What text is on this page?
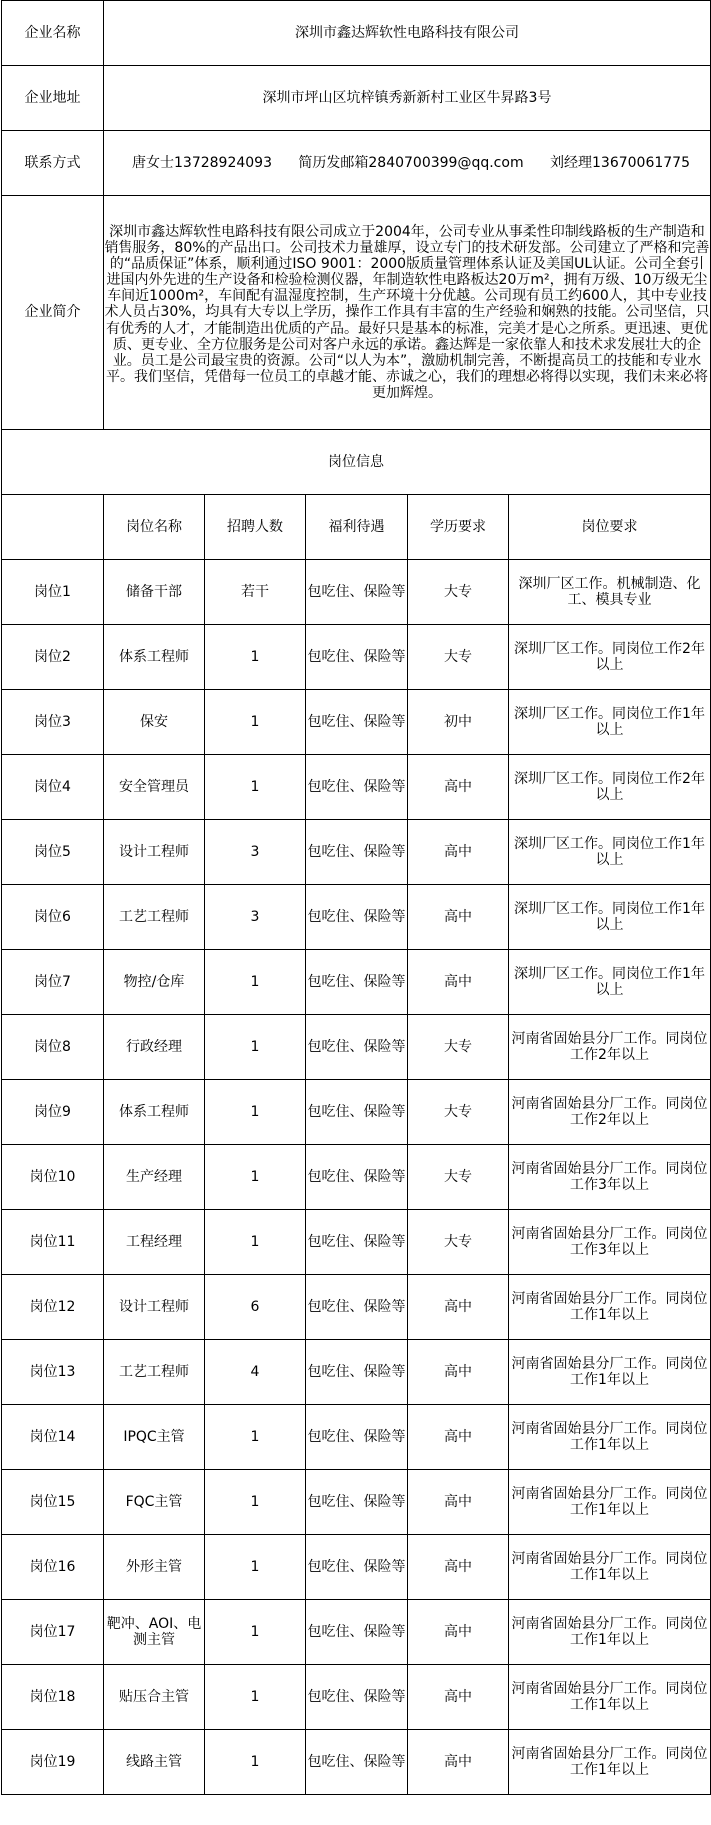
企业名称	深圳市鑫达辉软性电路科技有限公司				
企业地址	深圳市坪山区坑梓镇秀新新村工业区牛昇路3号				
联系方式	唐女士13728924093 简历发邮箱2840700399@qq.com 刘经理13670061775				

企业简介	深圳市鑫达辉软性电路科技有限公司成立于2004年，公司专业从事柔性印制线路板的生产制造和销售服务，80%的产品出口。公司技术力量雄厚，设立专门的技术研发部。公司建立了严格和完善的“品质保证”体系，顺利通过ISO 9001：2000版质量管理体系认证及美国UL认证。公司全套引进国内外先进的生产设备和检验检测仪器，年制造软性电路板达20万m²，拥有万级、10万级无尘车间近1000m²，车间配有温湿度控制，生产环境十分优越。公司现有员工约600人，其中专业技术人员占30%，均具有大专以上学历，操作工作具有丰富的生产经验和娴熟的技能。公司坚信，只有优秀的人才，才能制造出优质的产品。最好只是基本的标准，完美才是心之所系。更迅速、更优质、更专业、全方位服务是公司对客户永远的承诺。鑫达辉是一家依靠人和技术求发展壮大的企业。员工是公司最宝贵的资源。公司“以人为本”，激励机制完善，不断提高员工的技能和专业水平。我们坚信，凭借每一位员工的卓越才能、赤诚之心，我们的理想必将得以实现，我们未来必将更加辉煌。				
岗位信息					
	岗位名称	招聘人数	福利待遇	学历要求	岗位要求
岗位1	储备干部	若干	包吃住、保险等	大专	深圳厂区工作。机械制造、化工、模具专业
岗位2	体系工程师	1	包吃住、保险等	大专	深圳厂区工作。同岗位工作2年以上
岗位3	保安	1	包吃住、保险等	初中	深圳厂区工作。同岗位工作1年以上
岗位4	安全管理员	1	包吃住、保险等	高中	深圳厂区工作。同岗位工作2年以上
岗位5	设计工程师	3	包吃住、保险等	高中	深圳厂区工作。同岗位工作1年以上
岗位6	工艺工程师	3	包吃住、保险等	高中	深圳厂区工作。同岗位工作1年以上
岗位7	物控/仓库	1	包吃住、保险等	高中	深圳厂区工作。同岗位工作1年以上
岗位8	行政经理	1	包吃住、保险等	大专	河南省固始县分厂工作。同岗位工作2年以上
岗位9	体系工程师	1	包吃住、保险等	大专	河南省固始县分厂工作。同岗位工作2年以上
岗位10	生产经理	1	包吃住、保险等	大专	河南省固始县分厂工作。同岗位工作3年以上
岗位11	工程经理	1	包吃住、保险等	大专	河南省固始县分厂工作。同岗位工作3年以上
岗位12	设计工程师	6	包吃住、保险等	高中	河南省固始县分厂工作。同岗位工作1年以上
岗位13	工艺工程师	4	包吃住、保险等	高中	河南省固始县分厂工作。同岗位工作1年以上
岗位14	IPQC主管	1	包吃住、保险等	高中	河南省固始县分厂工作。同岗位工作1年以上
岗位15	FQC主管	1	包吃住、保险等	高中	河南省固始县分厂工作。同岗位工作1年以上
岗位16	外形主管	1	包吃住、保险等	高中	河南省固始县分厂工作。同岗位工作1年以上
岗位17	靶冲、AOI、电测主管	1	包吃住、保险等	高中	河南省固始县分厂工作。同岗位工作1年以上
岗位18	贴压合主管	1	包吃住、保险等	高中	河南省固始县分厂工作。同岗位工作1年以上
岗位19	线路主管	1	包吃住、保险等	高中	河南省固始县分厂工作。同岗位工作1年以上
